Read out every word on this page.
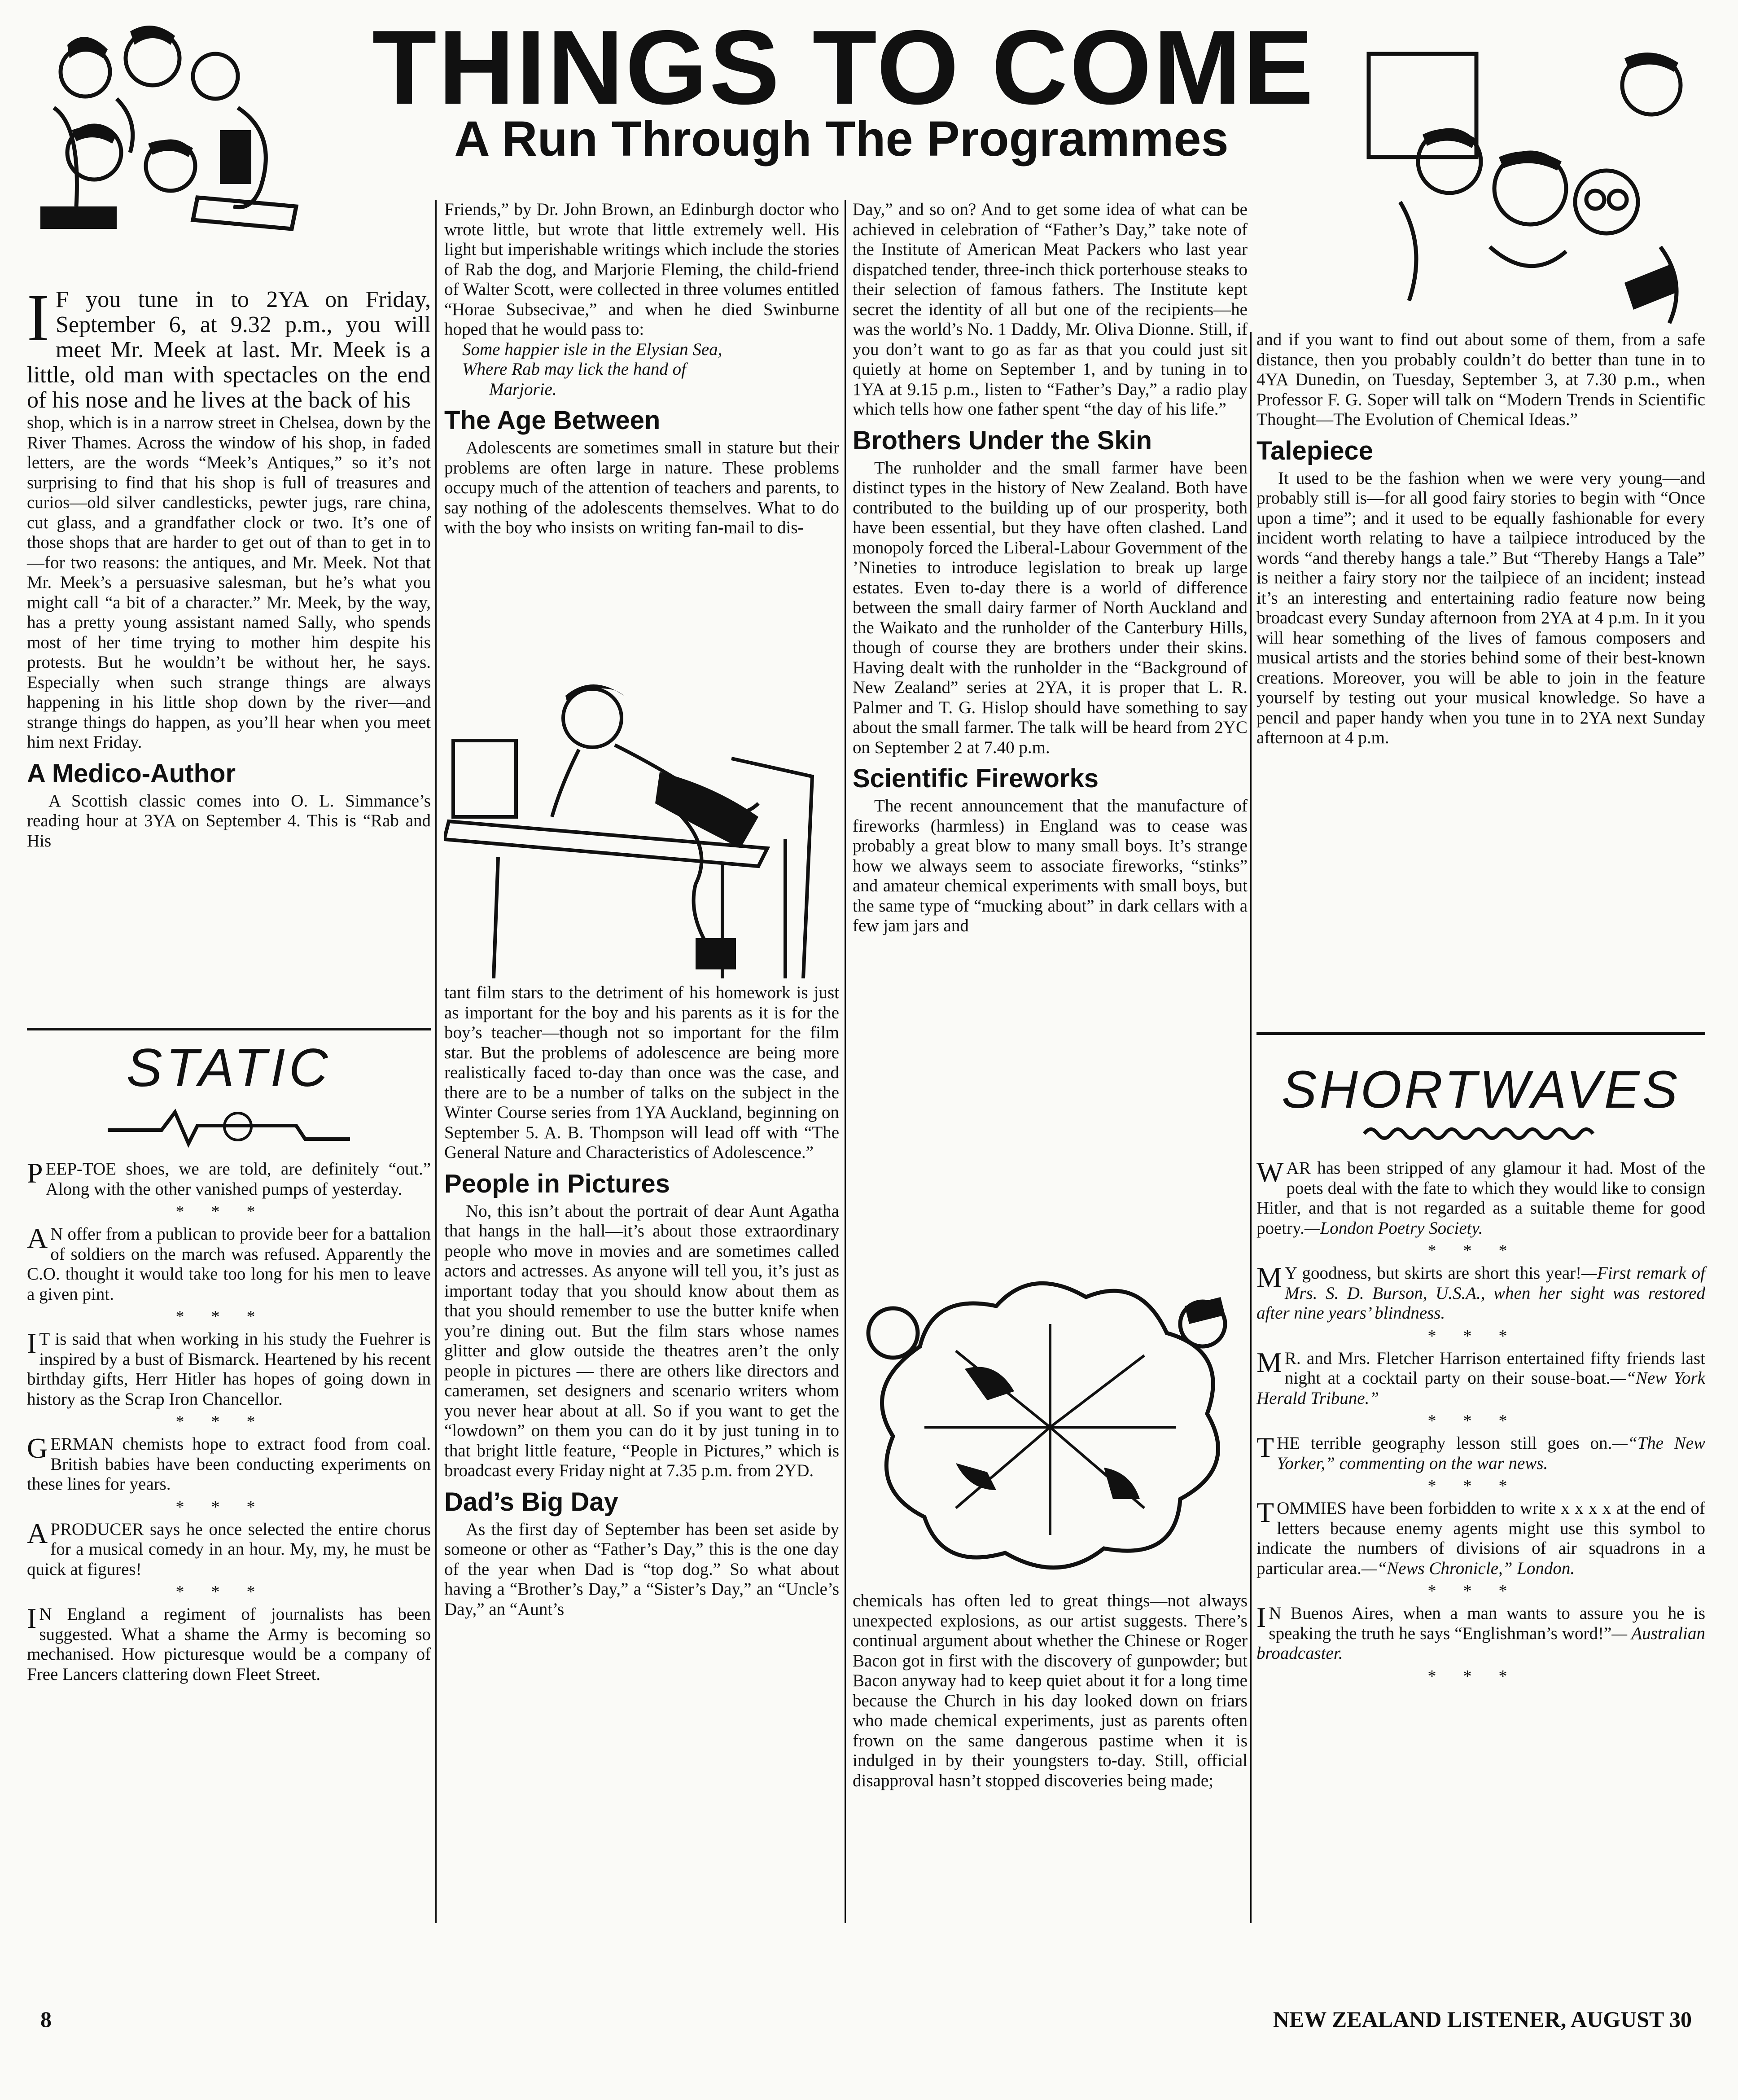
THINGS TO COME
A Run Through The Programmes

I F you tune in to 2YA on Friday, September 6, at 9.32 p.m., you will meet Mr. Meek at last. Mr. Meek is a little, old man with spectacles on the end of his nose and he lives at the back of his

shop, which is in a narrow street in Chelsea, down by the River Thames. Across the window of his shop, in faded letters, are the words “Meek’s Antiques,” so it’s not surprising to find that his shop is full of treasures and curios—old silver candlesticks, pewter jugs, rare china, cut glass, and a grandfather clock or two. It’s one of those shops that are harder to get out of than to get in to—for two reasons: the antiques, and Mr. Meek. Not that Mr. Meek’s a persuasive salesman, but he’s what you might call “a bit of a character.” Mr. Meek, by the way, has a pretty young assistant named Sally, who spends most of her time trying to mother him despite his protests. But he wouldn’t be without her, he says. Especially when such strange things are always happening in his little shop down by the river—and strange things do happen, as you’ll hear when you meet him next Friday.

A Medico-Author

A Scottish classic comes into O. L. Simmance’s reading hour at 3YA on September 4. This is “Rab and His

Friends,” by Dr. John Brown, an Edinburgh doctor who wrote little, but wrote that little extremely well. His light but imperishable writings which include the stories of Rab the dog, and Marjorie Fleming, the child-friend of Walter Scott, were collected in three volumes entitled “Horae Subsecivae,” and when he died Swinburne hoped that he would pass to:

Some happier isle in the Elysian Sea,

Where Rab may lick the hand of

Marjorie.

The Age Between

Adolescents are sometimes small in stature but their problems are often large in nature. These problems occupy much of the attention of teachers and parents, to say nothing of the adolescents themselves. What to do with the boy who insists on writing fan-mail to dis-

tant film stars to the detriment of his homework is just as important for the boy and his parents as it is for the boy’s teacher—though not so important for the film star. But the problems of adolescence are being more realistically faced to-day than once was the case, and there are to be a number of talks on the subject in the Winter Course series from 1YA Auckland, beginning on September 5. A. B. Thompson will lead off with “The General Nature and Characteristics of Adolescence.”

People in Pictures

No, this isn’t about the portrait of dear Aunt Agatha that hangs in the hall—it’s about those extraordinary people who move in movies and are sometimes called actors and actresses. As anyone will tell you, it’s just as important today that you should know about them as that you should remember to use the butter knife when you’re dining out. But the film stars whose names glitter and glow outside the theatres aren’t the only people in pictures — there are others like directors and cameramen, set designers and scenario writers whom you never hear about at all. So if you want to get the “lowdown” on them you can do it by just tuning in to that bright little feature, “People in Pictures,” which is broadcast every Friday night at 7.35 p.m. from 2YD.

Dad’s Big Day

As the first day of September has been set aside by someone or other as “Father’s Day,” this is the one day of the year when Dad is “top dog.” So what about having a “Brother’s Day,” a “Sister’s Day,” an “Uncle’s Day,” an “Aunt’s

Day,” and so on? And to get some idea of what can be achieved in celebration of “Father’s Day,” take note of the Institute of American Meat Packers who last year dispatched tender, three-inch thick porterhouse steaks to their selection of famous fathers. The Institute kept secret the identity of all but one of the recipients—he was the world’s No. 1 Daddy, Mr. Oliva Dionne. Still, if you don’t want to go as far as that you could just sit quietly at home on September 1, and by tuning in to 1YA at 9.15 p.m., listen to “Father’s Day,” a radio play which tells how one father spent “the day of his life.”

Brothers Under the Skin

The runholder and the small farmer have been distinct types in the history of New Zealand. Both have contributed to the building up of our prosperity, both have been essential, but they have often clashed. Land monopoly forced the Liberal-Labour Government of the ’Nineties to introduce legislation to break up large estates. Even to-day there is a world of difference between the small dairy farmer of North Auckland and the Waikato and the runholder of the Canterbury Hills, though of course they are brothers under their skins. Having dealt with the runholder in the “Background of New Zealand” series at 2YA, it is proper that L. R. Palmer and T. G. Hislop should have something to say about the small farmer. The talk will be heard from 2YC on September 2 at 7.40 p.m.

Scientific Fireworks

The recent announcement that the manufacture of fireworks (harmless) in England was to cease was probably a great blow to many small boys. It’s strange how we always seem to associate fireworks, “stinks” and amateur chemical experiments with small boys, but the same type of “mucking about” in dark cellars with a few jam jars and

chemicals has often led to great things—not always unexpected explosions, as our artist suggests. There’s continual argument about whether the Chinese or Roger Bacon got in first with the discovery of gunpowder; but Bacon anyway had to keep quiet about it for a long time because the Church in his day looked down on friars who made chemical experiments, just as parents often frown on the same dangerous pastime when it is indulged in by their youngsters to-day. Still, official disapproval hasn’t stopped discoveries being made;

and if you want to find out about some of them, from a safe distance, then you probably couldn’t do better than tune in to 4YA Dunedin, on Tuesday, September 3, at 7.30 p.m., when Professor F. G. Soper will talk on “Modern Trends in Scientific Thought—The Evolution of Chemical Ideas.”

Talepiece

It used to be the fashion when we were very young—and probably still is—for all good fairy stories to begin with “Once upon a time”; and it used to be equally fashionable for every incident worth relating to have a tailpiece introduced by the words “and thereby hangs a tale.” But “Thereby Hangs a Tale” is neither a fairy story nor the tailpiece of an incident; instead it’s an interesting and entertaining radio feature now being broadcast every Sunday afternoon from 2YA at 4 p.m. In it you will hear something of the lives of famous composers and musical artists and the stories behind some of their best-known creations. Moreover, you will be able to join in the feature yourself by testing out your musical knowledge. So have a pencil and paper handy when you tune in to 2YA next Sunday afternoon at 4 p.m.

STATIC
PEEP-TOE shoes, we are told, are definitely “out.” Along with the other vanished pumps of yesterday.
***
A N offer from a publican to provide beer for a battalion of soldiers on the march was refused. Apparently the C.O. thought it would take too long for his men to leave a given pint.
***
I T is said that when working in his study the Fuehrer is inspired by a bust of Bismarck. Heartened by his recent birthday gifts, Herr Hitler has hopes of going down in history as the Scrap Iron Chancellor.
***
GERMAN chemists hope to extract food from coal. British babies have been conducting experiments on these lines for years.
***
A PRODUCER says he once selected the entire chorus for a musical comedy in an hour. My, my, he must be quick at figures!
***
I N England a regiment of journalists has been suggested. What a shame the Army is becoming so mechanised. How picturesque would be a company of Free Lancers clattering down Fleet Street.
SHORTWAVES
WAR has been stripped of any glamour it had. Most of the poets deal with the fate to which they would like to consign Hitler, and that is not regarded as a suitable theme for good poetry.—London Poetry Society.
***
M Y goodness, but skirts are short this year!—First remark of Mrs. S. D. Burson, U.S.A., when her sight was restored after nine years’ blindness.
***
M R. and Mrs. Fletcher Harrison entertained fifty friends last night at a cocktail party on their souse-boat.—“New York Herald Tribune.”
***
THE terrible geography lesson still goes on.—“The New Yorker,” commenting on the war news.
***
TOMMIES have been forbidden to write x x x x at the end of letters because enemy agents might use this symbol to indicate the numbers of divisions of air squadrons in a particular area.—“News Chronicle,” London.
***
I N Buenos Aires, when a man wants to assure you he is speaking the truth he says “Englishman’s word!”— Australian broadcaster.
***
8	NEW ZEALAND LISTENER, AUGUST 30
